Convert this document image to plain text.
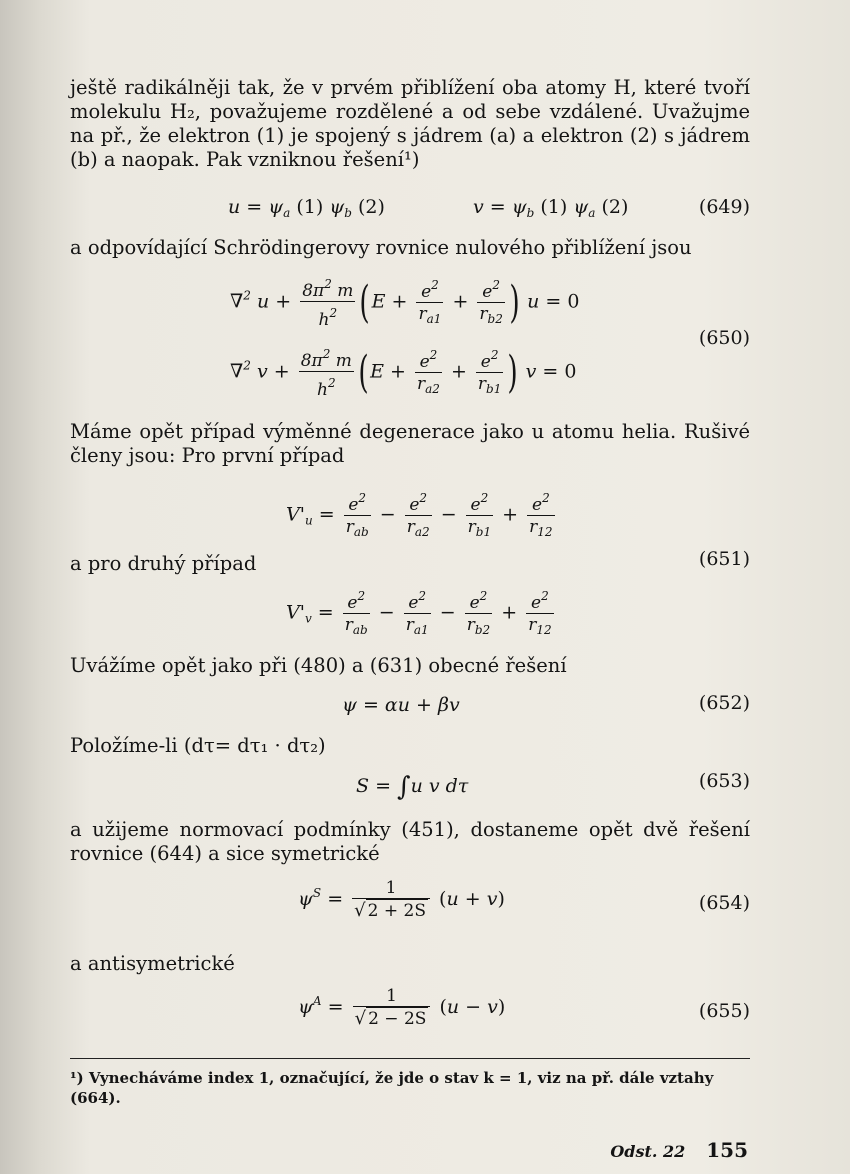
ještě radikálněji tak, že v prvém přiblížení oba atomy H, které tvoří
molekulu H₂, považujeme rozdělené a od sebe vzdálené. Uvažujme
na př., že elektron (1) je spojený s jádrem (a) a elektron (2) s jádrem
(b) a naopak. Pak vzniknou řešení¹)

$u = \psi_a$ (1) $\psi_b$ (2)	$v = \psi_b$ (1) $\psi_a$ (2)	(649)

a odpovídající Schrödingerovy rovnice nulového přiblížení jsou

∇$^2$ $u + \frac{8\pi^2 m}{h^2} (E + \frac{e^2}{r_{a1}} + \frac{e^2}{r_{b2}}$ ) u = 0
∇$^2$ $v + \frac{8\pi^2 m}{h^2} (E + \frac{e^2}{r_{a2}} + \frac{e^2}{r_{b1}}$ ) v = 0
(650)

Máme opět případ výměnné degenerace jako u atomu helia. Rušivé
členy jsou: Pro první případ

$V'_u = \frac{e^2}{r_{ab}} - \frac{e^2}{r_{a2}} - \frac{e^2}{r_{b1}} + \frac{e^2}{r_{12}}$

a pro druhý případ	(651)
$V'_v = \frac{e^2}{r_{ab}} - \frac{e^2}{r_{a1}} - \frac{e^2}{r_{b2}} + \frac{e^2}{r_{12}}$

Uvážíme opět jako při (480) a (631) obecné řešení

ψ = αu + βv	(652)

Položíme-li (dτ= dτ₁ · dτ₂)

S = ∫u v dτ	(653)

a užijeme normovací podmínky (451), dostaneme opět dvě řešení
rovnice (644) a sice symetrické

$\psi^S = \frac{1}{√ 2 + 2S} (u + v)$	(654)

a antisymetrické

$\psi^A = \frac{1}{√ 2 - 2S} (u - v)$	(655)
¹) Vynecháváme index 1, označující, že jde o stav k = 1, viz na př. dále vztahy (664).
Odst. 22 155
